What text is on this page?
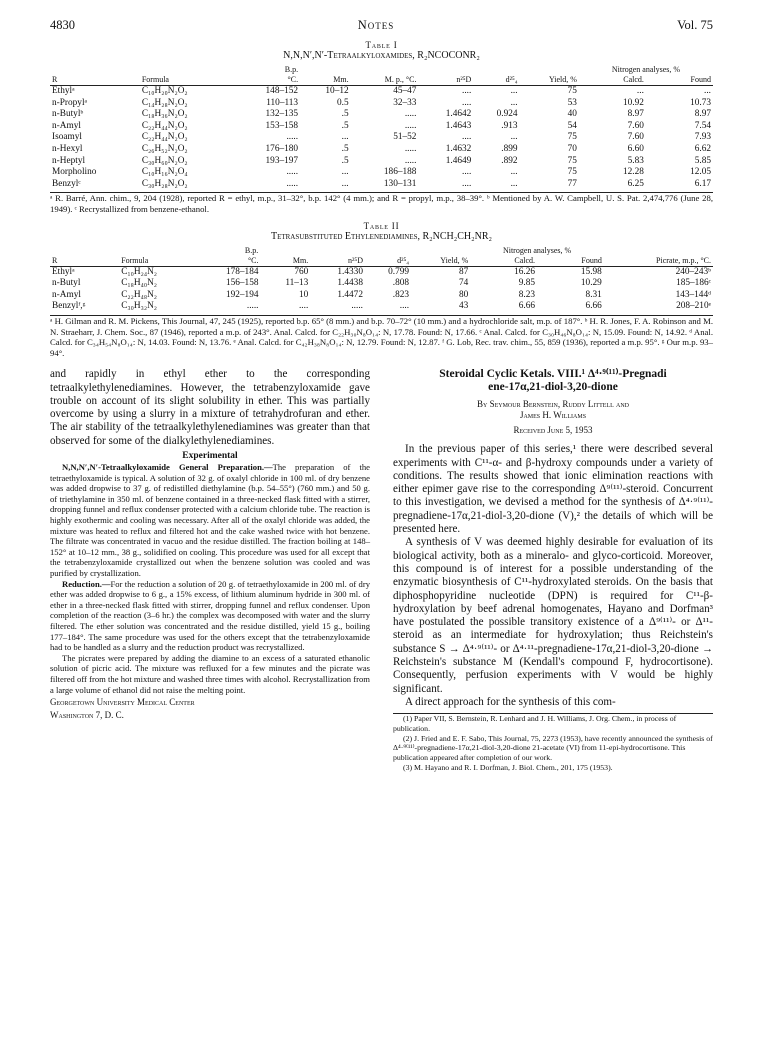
4830	Notes	Vol. 75
Table I
N,N,N′,N′-Tetraalkyloxamides, R₂NCOCONR₂
		B.p.						Nitrogen analyses, %	
R	Formula	°C.	Mm.	M. p., °C.	n²⁵D	d²⁵₄	Yield, %	Calcd.	Found
Ethylᵃ	C₁₀H₂₀N₂O₂	148–152	10–12	45–47	....	...	75	...	...
n-Propylᵃ	C₁₄H₂₈N₂O₂	110–113	0.5	32–33	....	...	53	10.92	10.73
n-Butylᵇ	C₁₈H₃₆N₂O₂	132–135	.5	.....	1.4642	0.924	40	8.97	8.97
n-Amyl	C₂₂H₄₄N₂O₂	153–158	.5	.....	1.4643	.913	54	7.60	7.54
Isoamyl	C₂₂H₄₄N₂O₂	.....	...	51–52	....	...	75	7.60	7.93
n-Hexyl	C₂₆H₅₂N₂O₂	176–180	.5	.....	1.4632	.899	70	6.60	6.62
n-Heptyl	C₃₀H₆₀N₂O₂	193–197	.5	.....	1.4649	.892	75	5.83	5.85
Morpholino	C₁₀H₁₆N₂O₄	.....	...	186–188	....	...	75	12.28	12.05
Benzylᶜ	C₃₀H₂₈N₂O₂	.....	...	130–131	....	...	77	6.25	6.17
ᵃ R. Barré, Ann. chim., 9, 204 (1928), reported R = ethyl, m.p., 31–32°, b.p. 142° (4 mm.); and R = propyl, m.p., 38–39°. ᵇ Mentioned by A. W. Campbell, U. S. Pat. 2,474,776 (June 28, 1949). ᶜ Recrystallized from benzene-ethanol.
Table II
Tetrasubstituted Ethylenediamines, R₂NCH₂CH₂NR₂
		B.p.					Nitrogen analyses, %		
R	Formula	°C.	Mm.	n²⁵D	d²⁵₄	Yield, %	Calcd.	Found	Picrate, m.p., °C.
Ethylᵃ	C₁₀H₂₄N₂	178–184	760	1.4330	0.799	87	16.26	15.98	240–243ᵇ
n-Butyl	C₁₈H₄₀N₂	156–158	11–13	1.4438	.808	74	9.85	10.29	185–186ᶜ
n-Amyl	C₂₂H₄₈N₂	192–194	10	1.4472	.823	80	8.23	8.31	143–144ᵈ
Benzylᶠ,ᵍ	C₃₀H₃₂N₂	.....	....	.....	....	43	6.66	6.66	208–210ᵉ
ᵃ H. Gilman and R. M. Pickens, This Journal, 47, 245 (1925), reported b.p. 65° (8 mm.) and b.p. 70–72° (10 mm.) and a hydrochloride salt, m.p. of 187°. ᵇ H. R. Jones, F. A. Robinson and M. N. Straeharr, J. Chem. Soc., 87 (1946), reported a m.p. of 243°. Anal. Calcd. for C₂₂H₃₀N₈O₁₄: N, 17.78. Found: N, 17.66. ᶜ Anal. Calcd. for C₃₀H₄₆N₈O₁₄: N, 15.09. Found: N, 14.92. ᵈ Anal. Calcd. for C₃₄H₅₄N₈O₁₄: N, 14.03. Found: N, 13.76. ᵉ Anal. Calcd. for C₄₂H₃₈N₈O₁₄: N, 12.79. Found: N, 12.87. ᶠ G. Lob, Rec. trav. chim., 55, 859 (1936), reported a m.p. 95°. ᵍ Our m.p. 93–94°.

and rapidly in ethyl ether to the corresponding tetraalkylethylenediamines. However, the tetrabenzyloxamide gave trouble on account of its slight solubility in ether. This was partially overcome by using a slurry in a mixture of tetrahydrofuran and ether. The air stability of the tetraalkylethylenediamines was greater than that observed for some of the dialkylethylenediamines.

Experimental

N,N,N′,N′-Tetraalkyloxamide General Preparation.—The preparation of the tetraethyloxamide is typical. A solution of 32 g. of oxalyl chloride in 100 ml. of dry benzene was added dropwise to 37 g. of redistilled diethylamine (b.p. 54–55°) (760 mm.) and 50 g. of triethylamine in 350 ml. of benzene contained in a three-necked flask fitted with a stirrer, dropping funnel and reflux condenser protected with a calcium chloride tube. The reaction is highly exothermic and cooling was necessary. After all of the oxalyl chloride was added, the mixture was heated to reflux and filtered hot and the cake washed twice with hot benzene. The filtrate was concentrated in vacuo and the residue distilled. The fraction boiling at 148–152° at 10–12 mm., 38 g., solidified on cooling. This procedure was used for all except that the tetrabenzyloxamide crystallized out when the benzene solution was cooled and was purified by crystallization.

Reduction.—For the reduction a solution of 20 g. of tetraethyloxamide in 200 ml. of dry ether was added dropwise to 6 g., a 15% excess, of lithium aluminum hydride in 300 ml. of ether in a three-necked flask fitted with stirrer, dropping funnel and reflux condenser. Upon completion of the reaction (3–6 hr.) the complex was decomposed with water and the slurry filtered. The ether solution was concentrated and the residue distilled, yield 15 g., boiling 177–184°. The same procedure was used for the others except that the tetrabenzyloxamide had to be handled as a slurry and the reduction product was recrystallized.

The picrates were prepared by adding the diamine to an excess of a saturated ethanolic solution of picric acid. The mixture was refluxed for a few minutes and the picrate was filtered off from the hot mixture and washed three times with alcohol. Recrystallization from a large volume of ethanol did not raise the melting point.

Georgetown University Medical Center
Washington 7, D. C.
Steroidal Cyclic Ketals. VIII.¹ Δ⁴·⁹⁽¹¹⁾-Pregnadi
ene-17α,21-diol-3,20-dione
By Seymour Bernstein, Ruddy Littell and
James H. Williams
Received June 5, 1953

In the previous paper of this series,¹ there were described several experiments with C¹¹-α- and β-hydroxy compounds under a variety of conditions. The results showed that ionic elimination reactions with either epimer gave rise to the corresponding Δ⁹⁽¹¹⁾-steroid. Concurrent to this investigation, we devised a method for the synthesis of Δ⁴·⁹⁽¹¹⁾-pregnadiene-17α,21-diol-3,20-dione (V),² the details of which will be presented here.

A synthesis of V was deemed highly desirable for evaluation of its biological activity, both as a mineralo- and glyco-corticoid. Moreover, this compound is of interest for a possible understanding of the enzymatic biosynthesis of C¹¹-hydroxylated steroids. On the basis that diphosphopyridine nucleotide (DPN) is required for C¹¹-β-hydroxylation by beef adrenal homogenates, Hayano and Dorfman³ have postulated the possible transitory existence of a Δ⁹⁽¹¹⁾- or Δ¹¹-steroid as an intermediate for hydroxylation; thus Reichstein's substance S → Δ⁴·⁹⁽¹¹⁾- or Δ⁴·¹¹-pregnadiene-17α,21-diol-3,20-dione → Reichstein's substance M (Kendall's compound F, hydrocortisone). Consequently, perfusion experiments with V would be highly significant.

A direct approach for the synthesis of this com-

(1) Paper VII, S. Bernstein, R. Lenhard and J. H. Williams, J. Org. Chem., in process of publication.

(2) J. Fried and E. F. Sabo, This Journal, 75, 2273 (1953), have recently announced the synthesis of Δ⁴·⁹⁽¹¹⁾-pregnadiene-17α,21-diol-3,20-dione 21-acetate (VI) from 11-epi-hydrocortisone. This publication appeared after completion of our work.

(3) M. Hayano and R. I. Dorfman, J. Biol. Chem., 201, 175 (1953).
